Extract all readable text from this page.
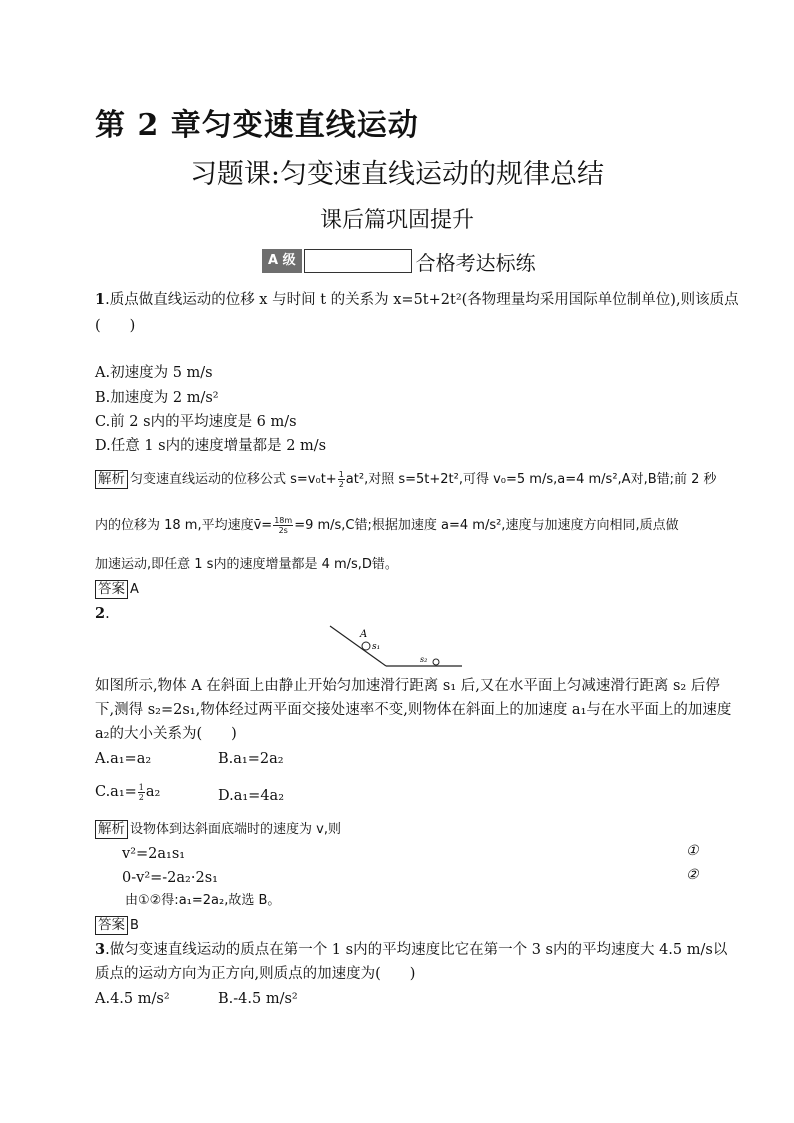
第 2 章匀变速直线运动
习题课:匀变速直线运动的规律总结
课后篇巩固提升
A 级	合格考达标练
1.质点做直线运动的位移 x 与时间 t 的关系为 x=5t+2t²(各物理量均采用国际单位制单位),则该质点
(　　)
A.初速度为 5 m/s
B.加速度为 2 m/s²
C.前 2 s内的平均速度是 6 m/s
D.任意 1 s内的速度增量都是 2 m/s
解析 匀变速直线运动的位移公式 $s=v_0t+ \frac{1}{2} at^2$,对照 s=5t+2t²,可得 v₀=5 m/s,a=4 m/s²,A对,B错;前 2 秒
内的位移为 18 m,平均速度v̄= $\frac{18m}{2s} =9$ m/s,C错;根据加速度 a=4 m/s²,速度与加速度方向相同,质点做
加速运动,即任意 1 s内的速度增量都是 4 m/s,D错。
答案 A
2.
A
s₁
s₂
如图所示,物体 A 在斜面上由静止开始匀加速滑行距离 s₁ 后,又在水平面上匀减速滑行距离 s₂ 后停
下,测得 s₂=2s₁,物体经过两平面交接处速率不变,则物体在斜面上的加速度 a₁与在水平面上的加速度
a₂的大小关系为(　　)
A.a₁=a₂	B.a₁=2a₂
$C.a_1= \frac{1}{2} a_2$	D.a₁=4a₂
解析 设物体到达斜面底端时的速度为 v,则
v²=2a₁s₁	①
0-v²=-2a₂·2s₁	②
由①②得:a₁=2a₂,故选 B。
答案 B
3.做匀变速直线运动的质点在第一个 1 s内的平均速度比它在第一个 3 s内的平均速度大 4.5 m/s以
质点的运动方向为正方向,则质点的加速度为(　　)
A.4.5 m/s²	B.-4.5 m/s²
